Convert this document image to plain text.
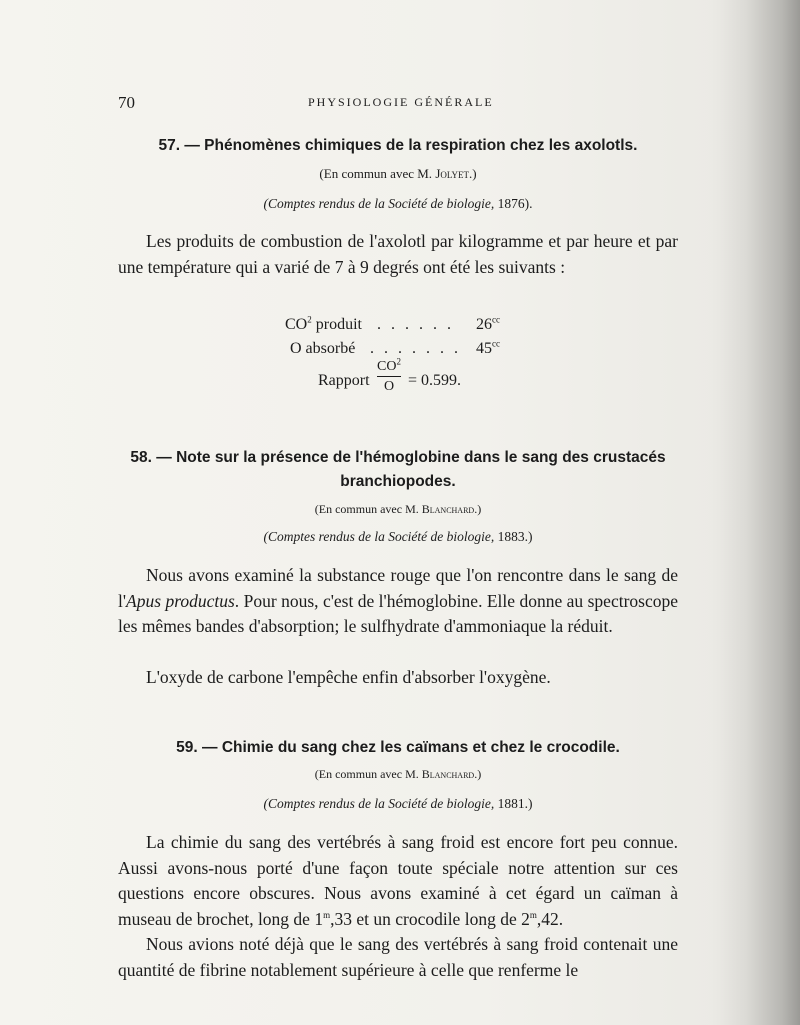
70	PHYSIOLOGIE GÉNÉRALE
57. — Phénomènes chimiques de la respiration chez les axolotls.
(En commun avec M. Jolyet.)
(Comptes rendus de la Société de biologie, 1876).

Les produits de combustion de l'axolotl par kilogramme et par heure et par une température qui a varié de 7 à 9 degrés ont été les suivants :

$CO^2$ produit . . . . . . $26^{cc}$
O absorbé . . . . . . . $45^{cc}$
Rapport
$CO^2$
O = 0.599.
58. — Note sur la présence de l'hémoglobine dans le sang des crustacés
branchiopodes.
(En commun avec M. Blanchard.)
(Comptes rendus de la Société de biologie, 1883.)

Nous avons examiné la substance rouge que l'on rencontre dans le sang de l'Apus productus. Pour nous, c'est de l'hémoglobine. Elle donne au spectroscope les mêmes bandes d'absorption; le sulfhydrate d'ammoniaque la réduit.

L'oxyde de carbone l'empêche enfin d'absorber l'oxygène.

59. — Chimie du sang chez les caïmans et chez le crocodile.
(En commun avec M. Blanchard.)
(Comptes rendus de la Société de biologie, 1881.)

La chimie du sang des vertébrés à sang froid est encore fort peu connue. Aussi avons-nous porté d'une façon toute spéciale notre attention sur ces questions encore obscures. Nous avons examiné à cet égard un caïman à museau de brochet, long de 1$^m$,33 et un crocodile long de 2$^m$,42.

Nous avions noté déjà que le sang des vertébrés à sang froid contenait une quantité de fibrine notablement supérieure à celle que renferme le
